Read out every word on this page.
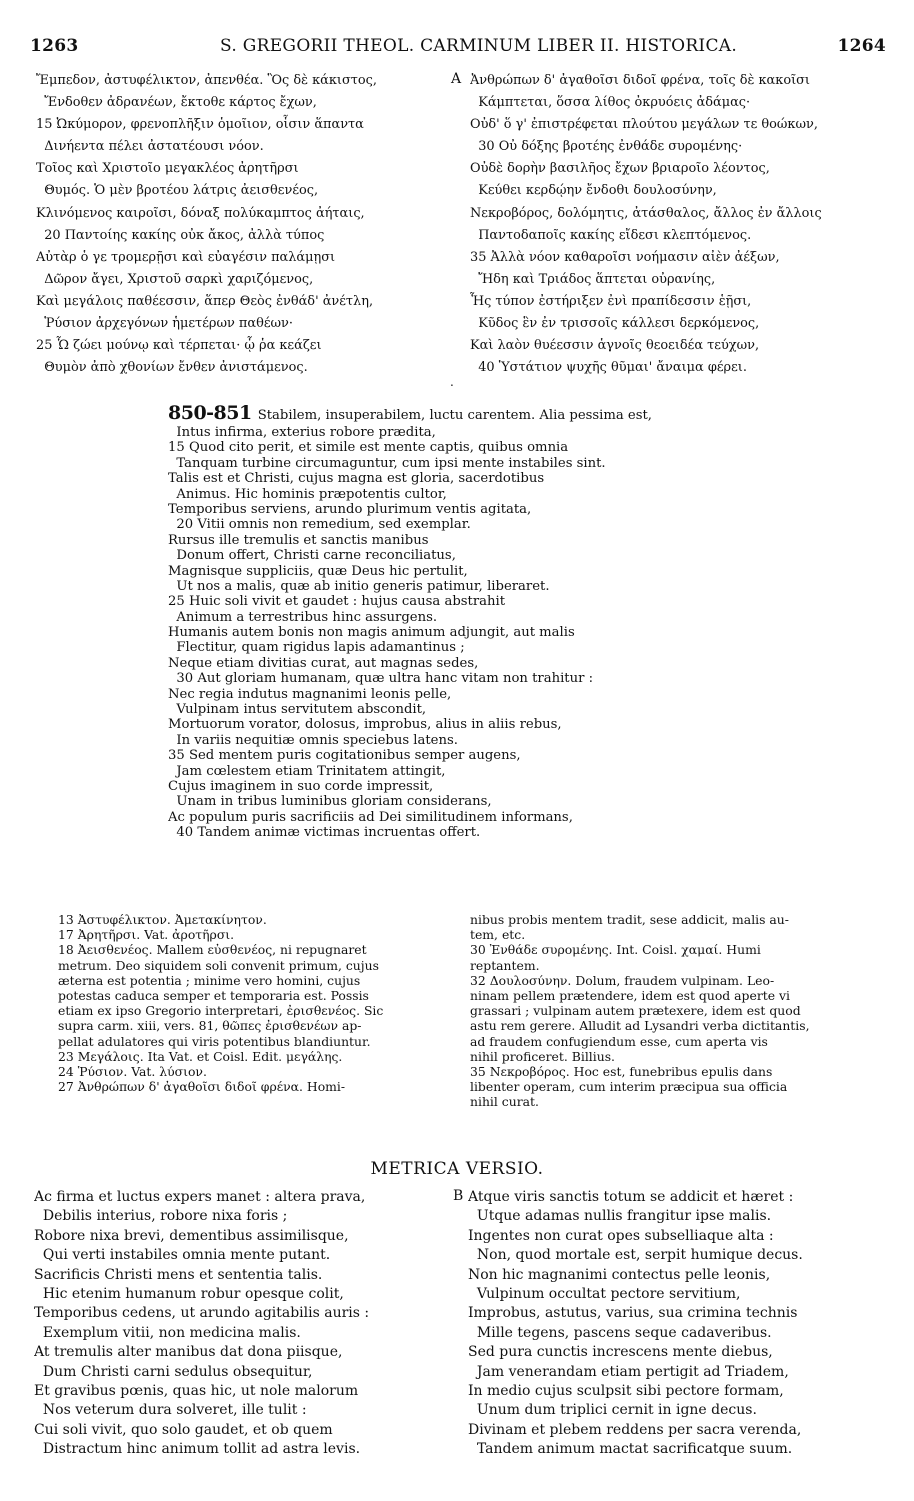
1263	S. GREGORII THEOL. CARMINUM LIBER II. HISTORICA.	1264
Ἔμπεδον, ἀστυφέλικτον, ἀπενθέα. Ὃς δὲ κάκιστος,
Ἔνδοθεν ἀδρανέων, ἔκτοθε κάρτος ἔχων,
15 Ὠκύμορον, φρενοπλῆξιν ὁμοῖιον, οἷσιν ἅπαντα
Δινήεντα πέλει ἀστατέουσι νόον.
Τοῖος καὶ Χριστοῖο μεγακλέος ἀρητῆρσι
Θυμός. Ὁ μὲν βροτέου λάτρις ἀεισθενέος,
Κλινόμενος καιροῖσι, δόναξ πολύκαμπτος ἀήταις,
20 Παντοίης κακίης οὐκ ἄκος, ἀλλὰ τύπος
Αὐτὰρ ὁ γε τρομερῇσι καὶ εὐαγέσιν παλάμῃσι
Δῶρον ἄγει, Χριστοῦ σαρκὶ χαριζόμενος,
Καὶ μεγάλοις παθέεσσιν, ἅπερ Θεὸς ἐνθάδ' ἀνέτλη,
Ῥύσιον ἀρχεγόνων ἡμετέρων παθέων·
25 Ὧ ζώει μούνῳ καὶ τέρπεται· ᾧ ῥα κεάζει
Θυμὸν ἀπὸ χθονίων ἔνθεν ἀνιστάμενος.
A
.
Ἀνθρώπων δ' ἀγαθοῖσι διδοῖ φρένα, τοῖς δὲ κακοῖσι
Κάμπτεται, ὅσσα λίθος ὀκρυόεις ἀδάμας·
Οὐδ' ὅ γ' ἐπιστρέφεται πλούτου μεγάλων τε θοώκων,
30 Οὐ δόξης βροτέης ἐνθάδε συρομένης·
Οὐδὲ δορὴν βασιλῆος ἔχων βριαροῖο λέοντος,
Κεύθει κερδῴην ἔνδοθι δουλοσύνην,
Νεκροβόρος, δολόμητις, ἀτάσθαλος, ἄλλος ἐν ἄλλοις
Παντοδαποῖς κακίης εἴδεσι κλεπτόμενος.
35 Ἀλλὰ νόον καθαροῖσι νοήμασιν αἰὲν ἀέξων,
Ἤδη καὶ Τριάδος ἅπτεται οὐρανίης,
Ἧς τύπον ἐστήριξεν ἐνὶ πραπίδεσσιν ἑῇσι,
Κῦδος ἓν ἐν τρισσοῖς κάλλεσι δερκόμενος,
Καὶ λαὸν θυέεσσιν ἁγνοῖς θεοειδέα τεύχων,
40 Ὑστάτιον ψυχῆς θῦμαι' ἄναιμα φέρει.
850-851 Stabilem, insuperabilem, luctu carentem. Alia pessima est,
Intus infirma, exterius robore prædita,
15 Quod cito perit, et simile est mente captis, quibus omnia
Tanquam turbine circumaguntur, cum ipsi mente instabiles sint.
Talis est et Christi, cujus magna est gloria, sacerdotibus
Animus. Hic hominis præpotentis cultor,
Temporibus serviens, arundo plurimum ventis agitata,
20 Vitii omnis non remedium, sed exemplar.
Rursus ille tremulis et sanctis manibus
Donum offert, Christi carne reconciliatus,
Magnisque suppliciis, quæ Deus hic pertulit,
Ut nos a malis, quæ ab initio generis patimur, liberaret.
25 Huic soli vivit et gaudet : hujus causa abstrahit
Animum a terrestribus hinc assurgens.
Humanis autem bonis non magis animum adjungit, aut malis
Flectitur, quam rigidus lapis adamantinus ;
Neque etiam divitias curat, aut magnas sedes,
30 Aut gloriam humanam, quæ ultra hanc vitam non trahitur :
Nec regia indutus magnanimi leonis pelle,
Vulpinam intus servitutem abscondit,
Mortuorum vorator, dolosus, improbus, alius in aliis rebus,
In variis nequitiæ omnis speciebus latens.
35 Sed mentem puris cogitationibus semper augens,
Jam cœlestem etiam Trinitatem attingit,
Cujus imaginem in suo corde impressit,
Unam in tribus luminibus gloriam considerans,
Ac populum puris sacrificiis ad Dei similitudinem informans,
40 Tandem animæ victimas incruentas offert.
13 Ἀστυφέλικτον. Ἀμετακίνητον.
17 Ἀρητῆρσι. Vat. ἀροτῆρσι.
18 Ἀεισθενέος. Mallem εὐσθενέος, ni repugnaret
metrum. Deo siquidem soli convenit primum, cujus
æterna est potentia ; minime vero homini, cujus
potestas caduca semper et temporaria est. Possis
etiam ex ipso Gregorio interpretari, ἐρισθενέος. Sic
supra carm. xiii, vers. 81, θῶπες ἐρισθενέων ap-
pellat adulatores qui viris potentibus blandiuntur.
23 Μεγάλοις. Ita Vat. et Coisl. Edit. μεγάλης.
24 Ῥύσιον. Vat. λύσιον.
27 Ἀνθρώπων δ' ἀγαθοῖσι διδοῖ φρένα. Homi-
nibus probis mentem tradit, sese addicit, malis au-
tem, etc.
30 Ἐνθάδε συρομένης. Int. Coisl. χαμαί. Humi
reptantem.
32 Δουλοσύνην. Dolum, fraudem vulpinam. Leo-
ninam pellem prætendere, idem est quod aperte vi
grassari ; vulpinam autem prætexere, idem est quod
astu rem gerere. Alludit ad Lysandri verba dictitantis,
ad fraudem confugiendum esse, cum aperta vis
nihil proficeret. Billius.
35 Νεκροβόρος. Hoc est, funebribus epulis dans
libenter operam, cum interim præcipua sua officia
nihil curat.
METRICA VERSIO.
B
Ac firma et luctus expers manet : altera prava,
Debilis interius, robore nixa foris ;
Robore nixa brevi, dementibus assimilisque,
Qui verti instabiles omnia mente putant.
Sacrificis Christi mens et sententia talis.
Hic etenim humanum robur opesque colit,
Temporibus cedens, ut arundo agitabilis auris :
Exemplum vitii, non medicina malis.
At tremulis alter manibus dat dona piisque,
Dum Christi carni sedulus obsequitur,
Et gravibus pœnis, quas hic, ut nole malorum
Nos veterum dura solveret, ille tulit :
Cui soli vivit, quo solo gaudet, et ob quem
Distractum hinc animum tollit ad astra levis.
Atque viris sanctis totum se addicit et hæret :
Utque adamas nullis frangitur ipse malis.
Ingentes non curat opes subselliaque alta :
Non, quod mortale est, serpit humique decus.
Non hic magnanimi contectus pelle leonis,
Vulpinum occultat pectore servitium,
Improbus, astutus, varius, sua crimina technis
Mille tegens, pascens seque cadaveribus.
Sed pura cunctis increscens mente diebus,
Jam venerandam etiam pertigit ad Triadem,
In medio cujus sculpsit sibi pectore formam,
Unum dum triplici cernit in igne decus.
Divinam et plebem reddens per sacra verenda,
Tandem animum mactat sacrificatque suum.
